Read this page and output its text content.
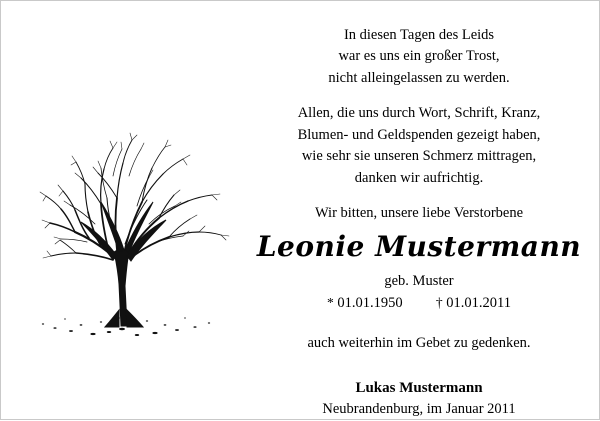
In diesen Tagen des Leids
war es uns ein großer Trost,
nicht alleingelassen zu werden.
Allen, die uns durch Wort, Schrift, Kranz,
Blumen- und Geldspenden gezeigt haben,
wie sehr sie unseren Schmerz mittragen,
danken wir aufrichtig.
Wir bitten, unsere liebe Verstorbene
Leonie Mustermann
geb. Muster
* 01.01.1950 † 01.01.2011
auch weiterhin im Gebet zu gedenken.
Lukas Mustermann
Neubrandenburg, im Januar 2011
